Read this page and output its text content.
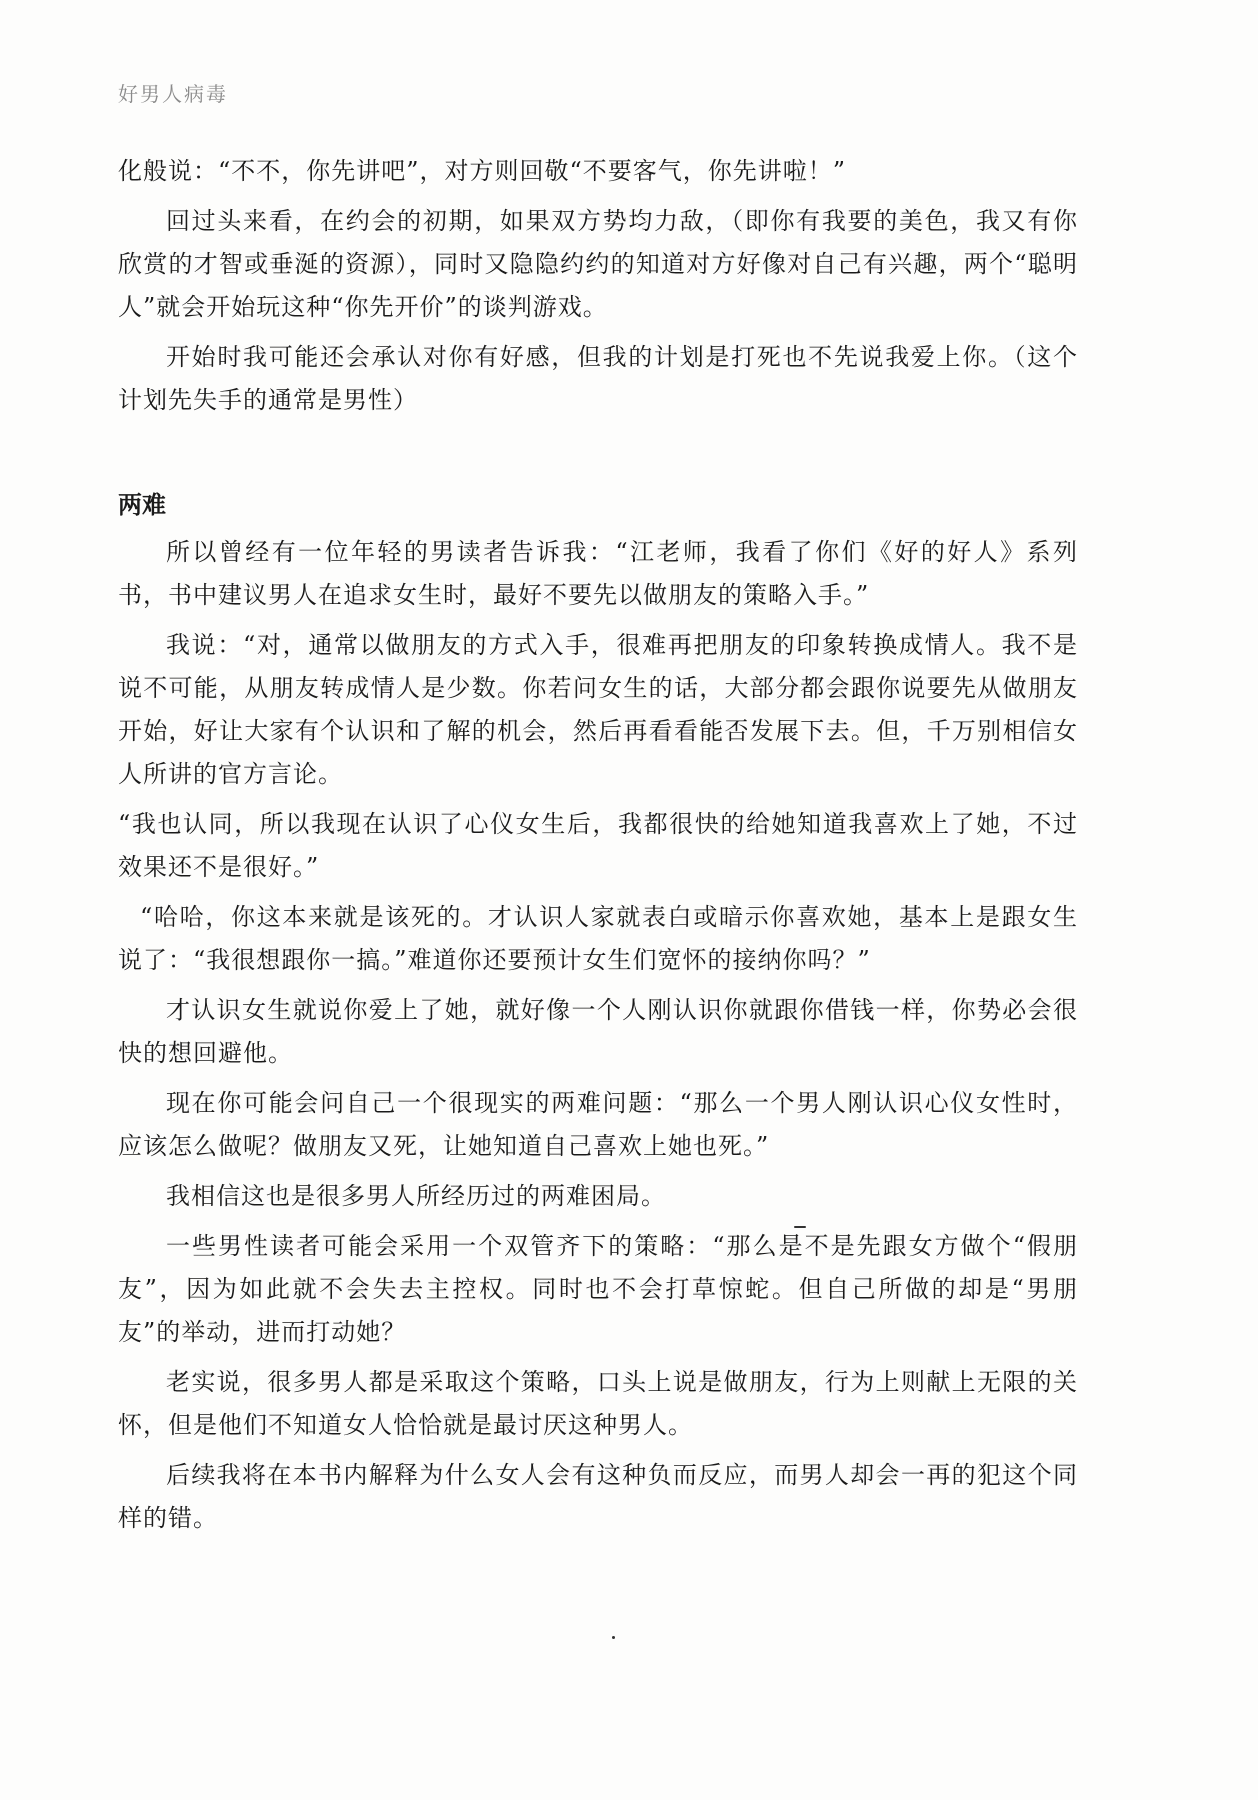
好男人病毒

化般说：“不不，你先讲吧”，对方则回敬“不要客气，你先讲啦！”

回过头来看，在约会的初期，如果双方势均力敌，（即你有我要的美色，我又有你欣赏的才智或垂涎的资源），同时又隐隐约约的知道对方好像对自己有兴趣，两个“聪明人”就会开始玩这种“你先开价”的谈判游戏。

开始时我可能还会承认对你有好感，但我的计划是打死也不先说我爱上你。（这个计划先失手的通常是男性）

两难

所以曾经有一位年轻的男读者告诉我：“江老师，我看了你们《好的好人》系列书，书中建议男人在追求女生时，最好不要先以做朋友的策略入手。”

我说：“对，通常以做朋友的方式入手，很难再把朋友的印象转换成情人。我不是说不可能，从朋友转成情人是少数。你若问女生的话，大部分都会跟你说要先从做朋友开始，好让大家有个认识和了解的机会，然后再看看能否发展下去。但，千万别相信女人所讲的官方言论。

“我也认同，所以我现在认识了心仪女生后，我都很快的给她知道我喜欢上了她，不过效果还不是很好。”

“哈哈，你这本来就是该死的。才认识人家就表白或暗示你喜欢她，基本上是跟女生说了：“我很想跟你一搞。”难道你还要预计女生们宽怀的接纳你吗？”

才认识女生就说你爱上了她，就好像一个人刚认识你就跟你借钱一样，你势必会很快的想回避他。

现在你可能会问自己一个很现实的两难问题：“那么一个男人刚认识心仪女性时，应该怎么做呢？做朋友又死，让她知道自己喜欢上她也死。”

我相信这也是很多男人所经历过的两难困局。

一些男性读者可能会采用一个双管齐下的策略：“那么是不是先跟女方做个“假朋友”，因为如此就不会失去主控权。同时也不会打草惊蛇。但自己所做的却是“男朋友”的举动，进而打动她？

老实说，很多男人都是采取这个策略，口头上说是做朋友，行为上则献上无限的关怀，但是他们不知道女人恰恰就是最讨厌这种男人。

后续我将在本书内解释为什么女人会有这种负而反应，而男人却会一再的犯这个同样的错。
